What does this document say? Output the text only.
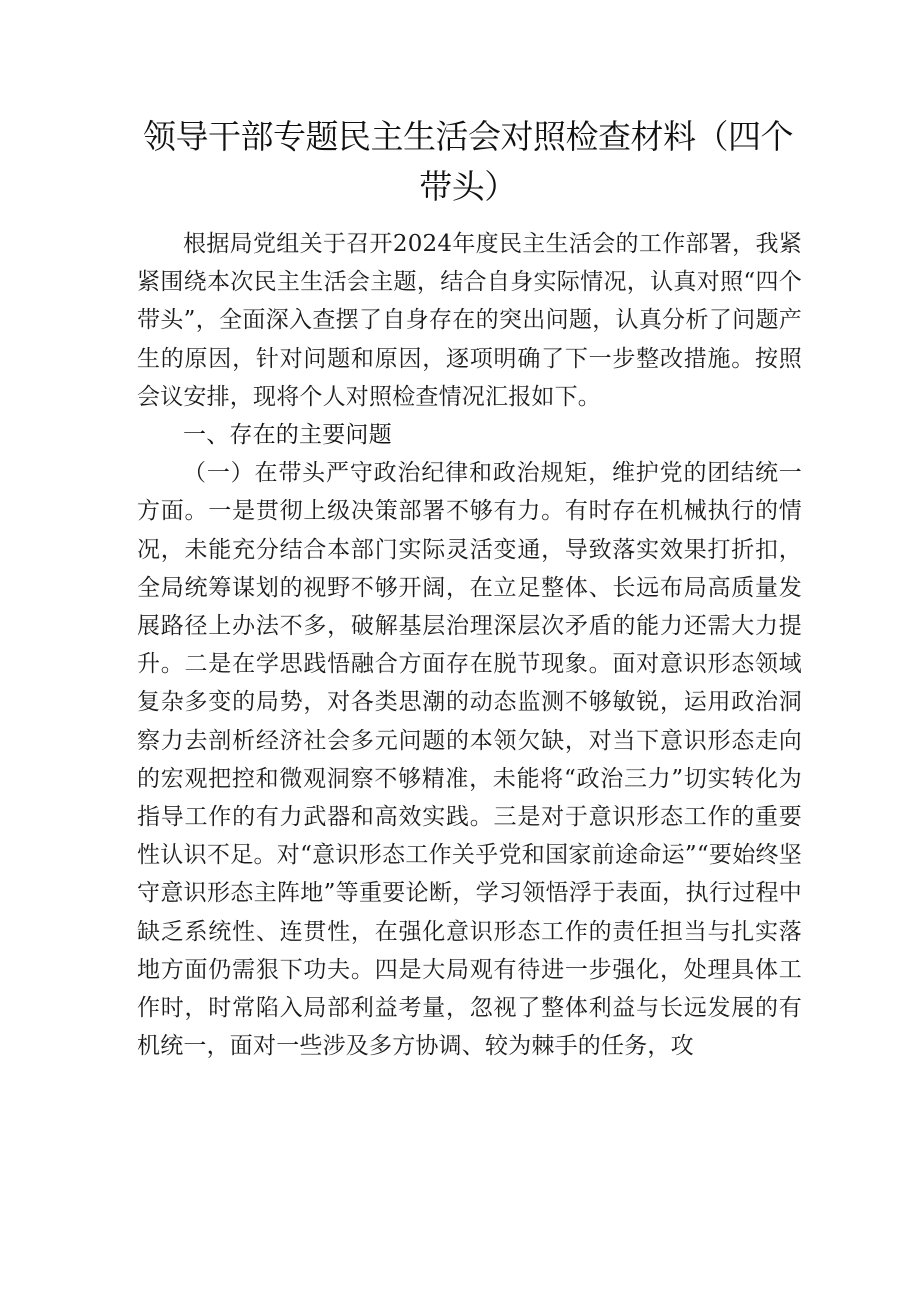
领导干部专题民主生活会对照检查材料（四个带头）

根据局党组关于召开2024年度民主生活会的工作部署，我紧紧围绕本次民主生活会主题，结合自身实际情况，认真对照“四个带头”，全面深入查摆了自身存在的突出问题，认真分析了问题产生的原因，针对问题和原因，逐项明确了下一步整改措施。按照会议安排，现将个人对照检查情况汇报如下。

一、存在的主要问题

（一）在带头严守政治纪律和政治规矩，维护党的团结统一方面。一是贯彻上级决策部署不够有力。有时存在机械执行的情况，未能充分结合本部门实际灵活变通，导致落实效果打折扣，全局统筹谋划的视野不够开阔，在立足整体、长远布局高质量发展路径上办法不多，破解基层治理深层次矛盾的能力还需大力提升。二是在学思践悟融合方面存在脱节现象。面对意识形态领域复杂多变的局势，对各类思潮的动态监测不够敏锐，运用政治洞察力去剖析经济社会多元问题的本领欠缺，对当下意识形态走向的宏观把控和微观洞察不够精准，未能将“政治三力”切实转化为指导工作的有力武器和高效实践。三是对于意识形态工作的重要性认识不足。对“意识形态工作关乎党和国家前途命运”“要始终坚守意识形态主阵地”等重要论断，学习领悟浮于表面，执行过程中缺乏系统性、连贯性，在强化意识形态工作的责任担当与扎实落地方面仍需狠下功夫。四是大局观有待进一步强化，处理具体工作时，时常陷入局部利益考量，忽视了整体利益与长远发展的有机统一，面对一些涉及多方协调、较为棘手的任务，攻
